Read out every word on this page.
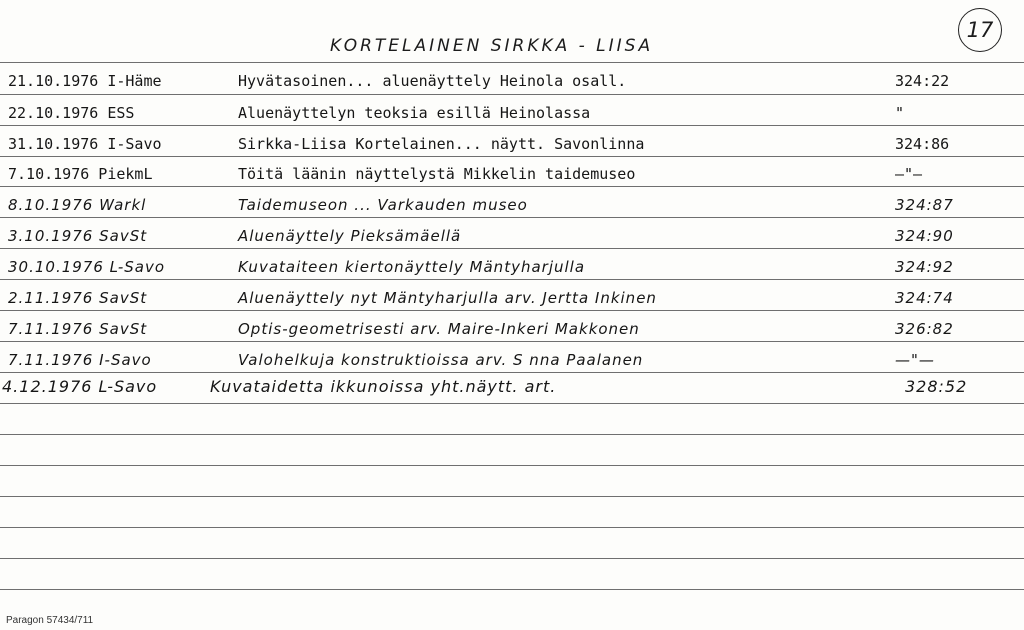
KORTELAINEN SIRKKA - LIISA
17
21.10.1976 I-Häme	Hyvätasoinen... aluenäyttely Heinola osall.	324:22
22.10.1976 ESS	Aluenäyttelyn teoksia esillä Heinolassa	"
31.10.1976 I-Savo	Sirkka-Liisa Kortelainen... näytt. Savonlinna	324:86
7.10.1976 PiekmL	Töitä läänin näyttelystä Mikkelin taidemuseo	—"—
8.10.1976 Warkl	Taidemuseon ... Varkauden museo	324:87
3.10.1976 SavSt	Aluenäyttely Pieksämäellä	324:90
30.10.1976 L-Savo	Kuvataiteen kiertonäyttely Mäntyharjulla	324:92
2.11.1976 SavSt	Aluenäyttely nyt Mäntyharjulla arv. Jertta Inkinen	324:74
7.11.1976 SavSt	Optis-geometrisesti arv. Maire-Inkeri Makkonen	326:82
7.11.1976 I-Savo	Valohelkuja konstruktioissa arv. S nna Paalanen	—"—
4.12.1976 L-Savo	Kuvataidetta ikkunoissa yht.näytt. art.	328:52
Paragon 57434/711
